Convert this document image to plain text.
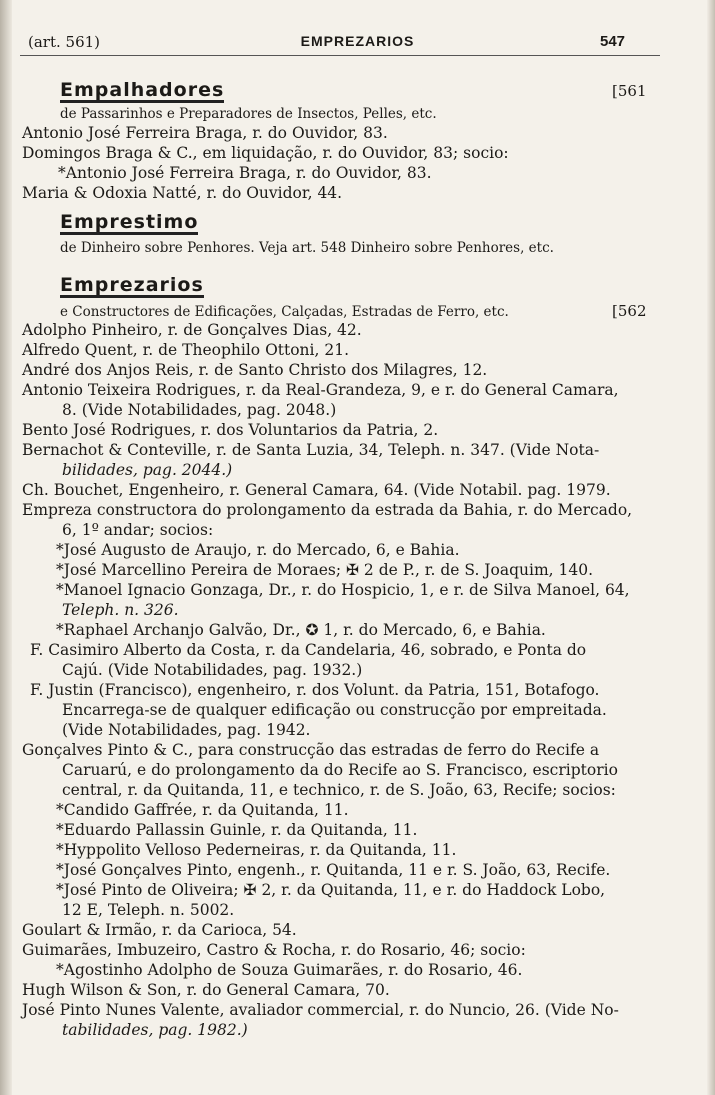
(art. 561)	EMPREZARIOS	547
Empalhadores	[561
de Passarinhos e Preparadores de Insectos, Pelles, etc.
Antonio José Ferreira Braga, r. do Ouvidor, 83.
Domingos Braga & C., em liquidação, r. do Ouvidor, 83; socio:
*Antonio José Ferreira Braga, r. do Ouvidor, 83.
Maria & Odoxia Natté, r. do Ouvidor, 44.
Emprestimo
de Dinheiro sobre Penhores. Veja art. 548 Dinheiro sobre Penhores, etc.
Emprezarios
[562
e Constructores de Edificações, Calçadas, Estradas de Ferro, etc.
Adolpho Pinheiro, r. de Gonçalves Dias, 42.
Alfredo Quent, r. de Theophilo Ottoni, 21.
André dos Anjos Reis, r. de Santo Christo dos Milagres, 12.
Antonio Teixeira Rodrigues, r. da Real-Grandeza, 9, e r. do General Camara,
8. (Vide Notabilidades, pag. 2048.)
Bento José Rodrigues, r. dos Voluntarios da Patria, 2.
Bernachot & Conteville, r. de Santa Luzia, 34, Teleph. n. 347. (Vide Nota-
bilidades, pag. 2044.)
Ch. Bouchet, Engenheiro, r. General Camara, 64. (Vide Notabil. pag. 1979.
Empreza constructora do prolongamento da estrada da Bahia, r. do Mercado,
6, 1º andar; socios:
*José Augusto de Araujo, r. do Mercado, 6, e Bahia.
*José Marcellino Pereira de Moraes; ✠ 2 de P., r. de S. Joaquim, 140.
*Manoel Ignacio Gonzaga, Dr., r. do Hospicio, 1, e r. de Silva Manoel, 64,
Teleph. n. 326.
*Raphael Archanjo Galvão, Dr., ✪ 1, r. do Mercado, 6, e Bahia.
F. Casimiro Alberto da Costa, r. da Candelaria, 46, sobrado, e Ponta do
Cajú. (Vide Notabilidades, pag. 1932.)
F. Justin (Francisco), engenheiro, r. dos Volunt. da Patria, 151, Botafogo.
Encarrega-se de qualquer edificação ou construcção por empreitada.
(Vide Notabilidades, pag. 1942.
Gonçalves Pinto & C., para construcção das estradas de ferro do Recife a
Caruarú, e do prolongamento da do Recife ao S. Francisco, escriptorio
central, r. da Quitanda, 11, e technico, r. de S. João, 63, Recife; socios:
*Candido Gaffrée, r. da Quitanda, 11.
*Eduardo Pallassin Guinle, r. da Quitanda, 11.
*Hyppolito Velloso Pederneiras, r. da Quitanda, 11.
*José Gonçalves Pinto, engenh., r. Quitanda, 11 e r. S. João, 63, Recife.
*José Pinto de Oliveira; ✠ 2, r. da Quitanda, 11, e r. do Haddock Lobo,
12 E, Teleph. n. 5002.
Goulart & Irmão, r. da Carioca, 54.
Guimarães, Imbuzeiro, Castro & Rocha, r. do Rosario, 46; socio:
*Agostinho Adolpho de Souza Guimarães, r. do Rosario, 46.
Hugh Wilson & Son, r. do General Camara, 70.
José Pinto Nunes Valente, avaliador commercial, r. do Nuncio, 26. (Vide No-
tabilidades, pag. 1982.)
